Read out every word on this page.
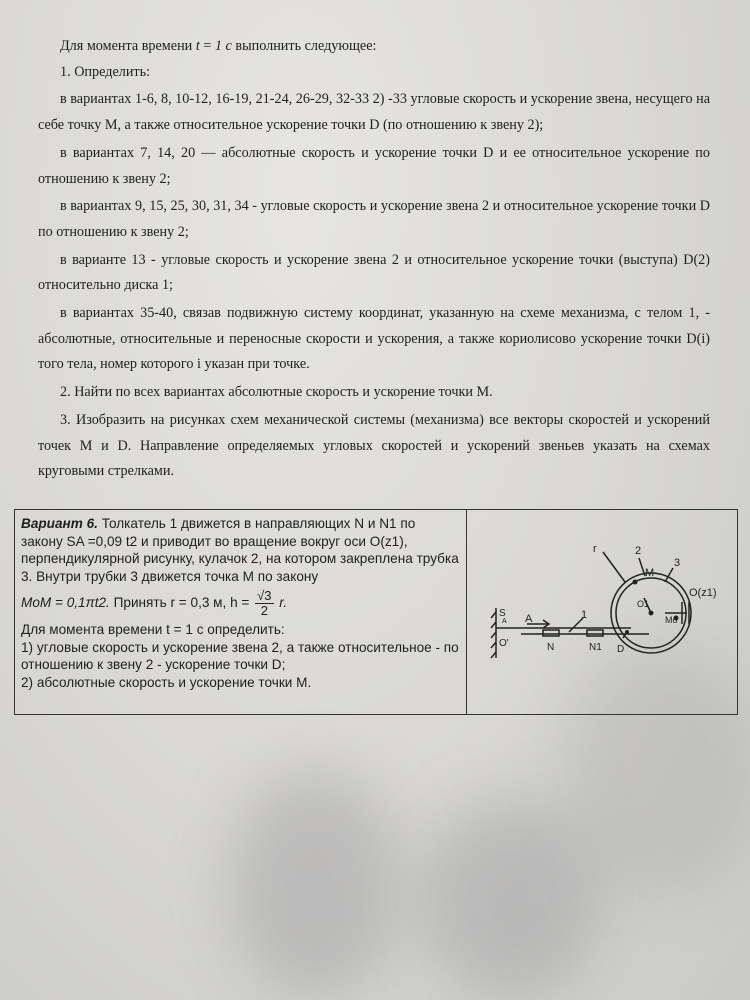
Для момента времени t = 1 с выполнить следующее:

1. Определить:

в вариантах 1-6, 8, 10-12, 16-19, 21-24, 26-29, 32-33 2) -33 угловые скорость и ускорение звена, несущего на себе точку М, а также относительное ускорение точки D (по отношению к звену 2);

в вариантах 7, 14, 20 — абсолютные скорость и ускорение точки D и ее относительное ускорение по отношению к звену 2;

в вариантах 9, 15, 25, 30, 31, 34 - угловые скорость и ускорение звена 2 и относительное ускорение точки D по отношению к звену 2;

в варианте 13 - угловые скорость и ускорение звена 2 и относительное ускорение точки (выступа) D(2) относительно диска 1;

в вариантах 35-40, связав подвижную систему координат, указанную на схеме механизма, с телом 1, - абсолютные, относительные и переносные скорости и ускорения, а также кориолисово ускорение точки D(i) того тела, номер которого i указан при точке.

2. Найти по всех вариантах абсолютные скорость и ускорение точки М.

3. Изобразить на рисунках схем механической системы (механизма) все векторы скоростей и ускорений точек М и D. Направление определяемых угловых скоростей и ускорений звеньев указать на схемах круговыми стрелками.

Вариант 6. Толкатель 1 движется в направляющих N и N1 по закону SA =0,09 t2 и приводит во вращение вокруг оси O(z1), перпендикулярной рисунку, кулачок 2, на котором закреплена трубка 3. Внутри трубки 3 движется точка М по закону

MoM = 0,1πt2. Принять r = 0,3 м, $h = \frac{√3}{2} r$.

Для момента времени t = 1 с определить:

1) угловые скорость и ускорение звена 2, а также относительное - по отношению к звену 2 - ускорение точки D;

2) абсолютные скорость и ускорение точки М.

r	2
3
M
O(z1)
O1
Mo
S
A A	1
O'	N	N1 D
